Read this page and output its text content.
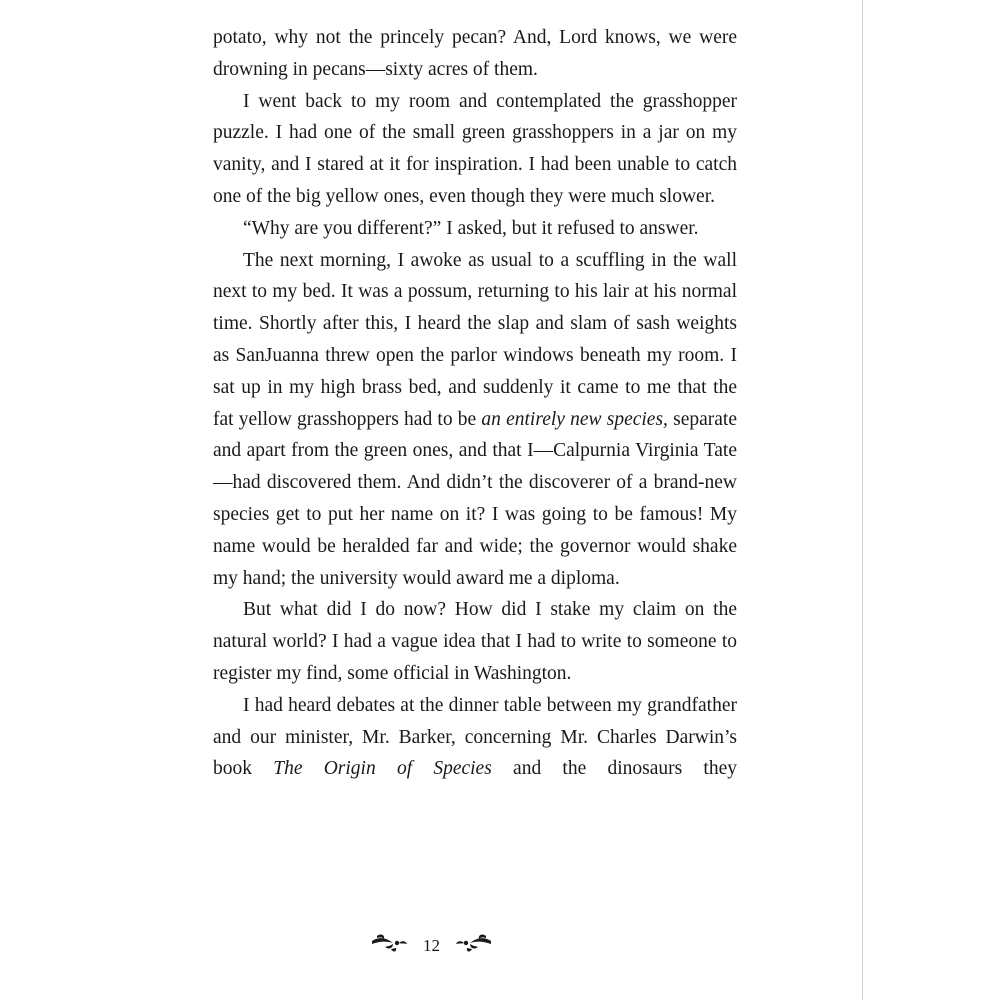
potato, why not the princely pecan? And, Lord knows, we were drowning in pecans—sixty acres of them.

I went back to my room and contemplated the grasshopper puzzle. I had one of the small green grasshoppers in a jar on my vanity, and I stared at it for inspiration. I had been unable to catch one of the big yellow ones, even though they were much slower.

“Why are you different?” I asked, but it refused to answer.

The next morning, I awoke as usual to a scuffling in the wall next to my bed. It was a possum, returning to his lair at his normal time. Shortly after this, I heard the slap and slam of sash weights as SanJuanna threw open the parlor windows beneath my room. I sat up in my high brass bed, and suddenly it came to me that the fat yellow grasshoppers had to be an entirely new species, separate and apart from the green ones, and that I—Calpurnia Virginia Tate—had discovered them. And didn’t the discoverer of a brand-new species get to put her name on it? I was going to be famous! My name would be heralded far and wide; the governor would shake my hand; the university would award me a diploma.

But what did I do now? How did I stake my claim on the natural world? I had a vague idea that I had to write to someone to register my find, some official in Washington.

I had heard debates at the dinner table between my grandfather and our minister, Mr. Barker, concerning Mr. Charles Darwin’s book The Origin of Species and the dinosaurs they

12
